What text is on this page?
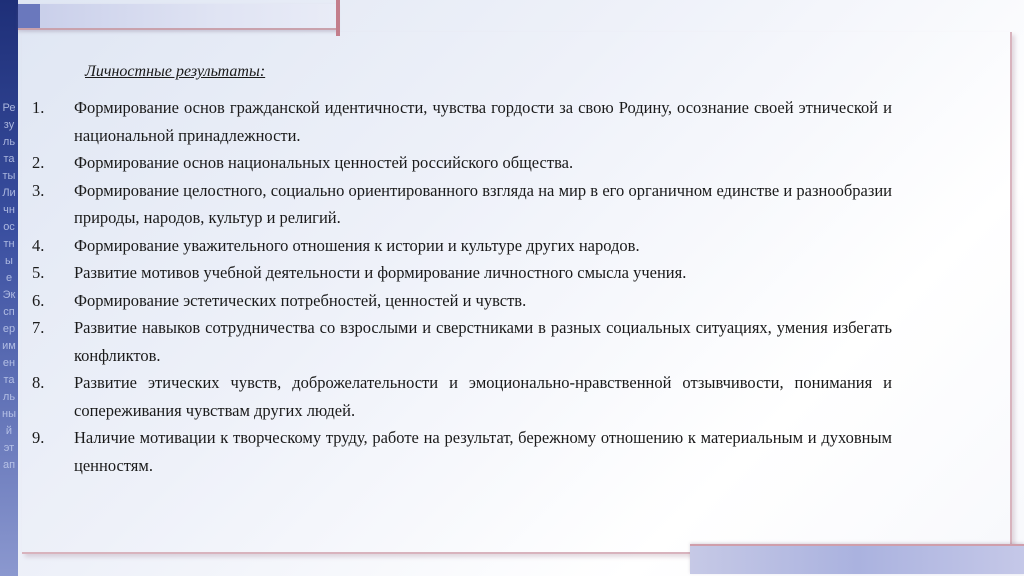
Результаты Личностные Экспериментальный этап

Личностные результаты:

1.	Формирование основ гражданской идентичности, чувства гордости за свою Родину, осознание своей этнической и национальной принадлежности.
2.	Формирование основ национальных ценностей российского общества.
3.	Формирование целостного, социально ориентированного взгляда на мир в его органичном единстве и разнообразии природы, народов, культур и религий.
4.	Формирование уважительного отношения к истории и культуре других народов.
5.	Развитие мотивов учебной деятельности и формирование личностного смысла учения.
6.	Формирование эстетических потребностей, ценностей и чувств.
7.	Развитие навыков сотрудничества со взрослыми и сверстниками в разных социальных ситуациях, умения избегать конфликтов.
8.	Развитие этических чувств, доброжелательности и эмоционально-нравственной отзывчивости, понимания и сопереживания чувствам других людей.
9.	Наличие мотивации к творческому труду, работе на результат, бережному отношению к материальным и духовным ценностям.
